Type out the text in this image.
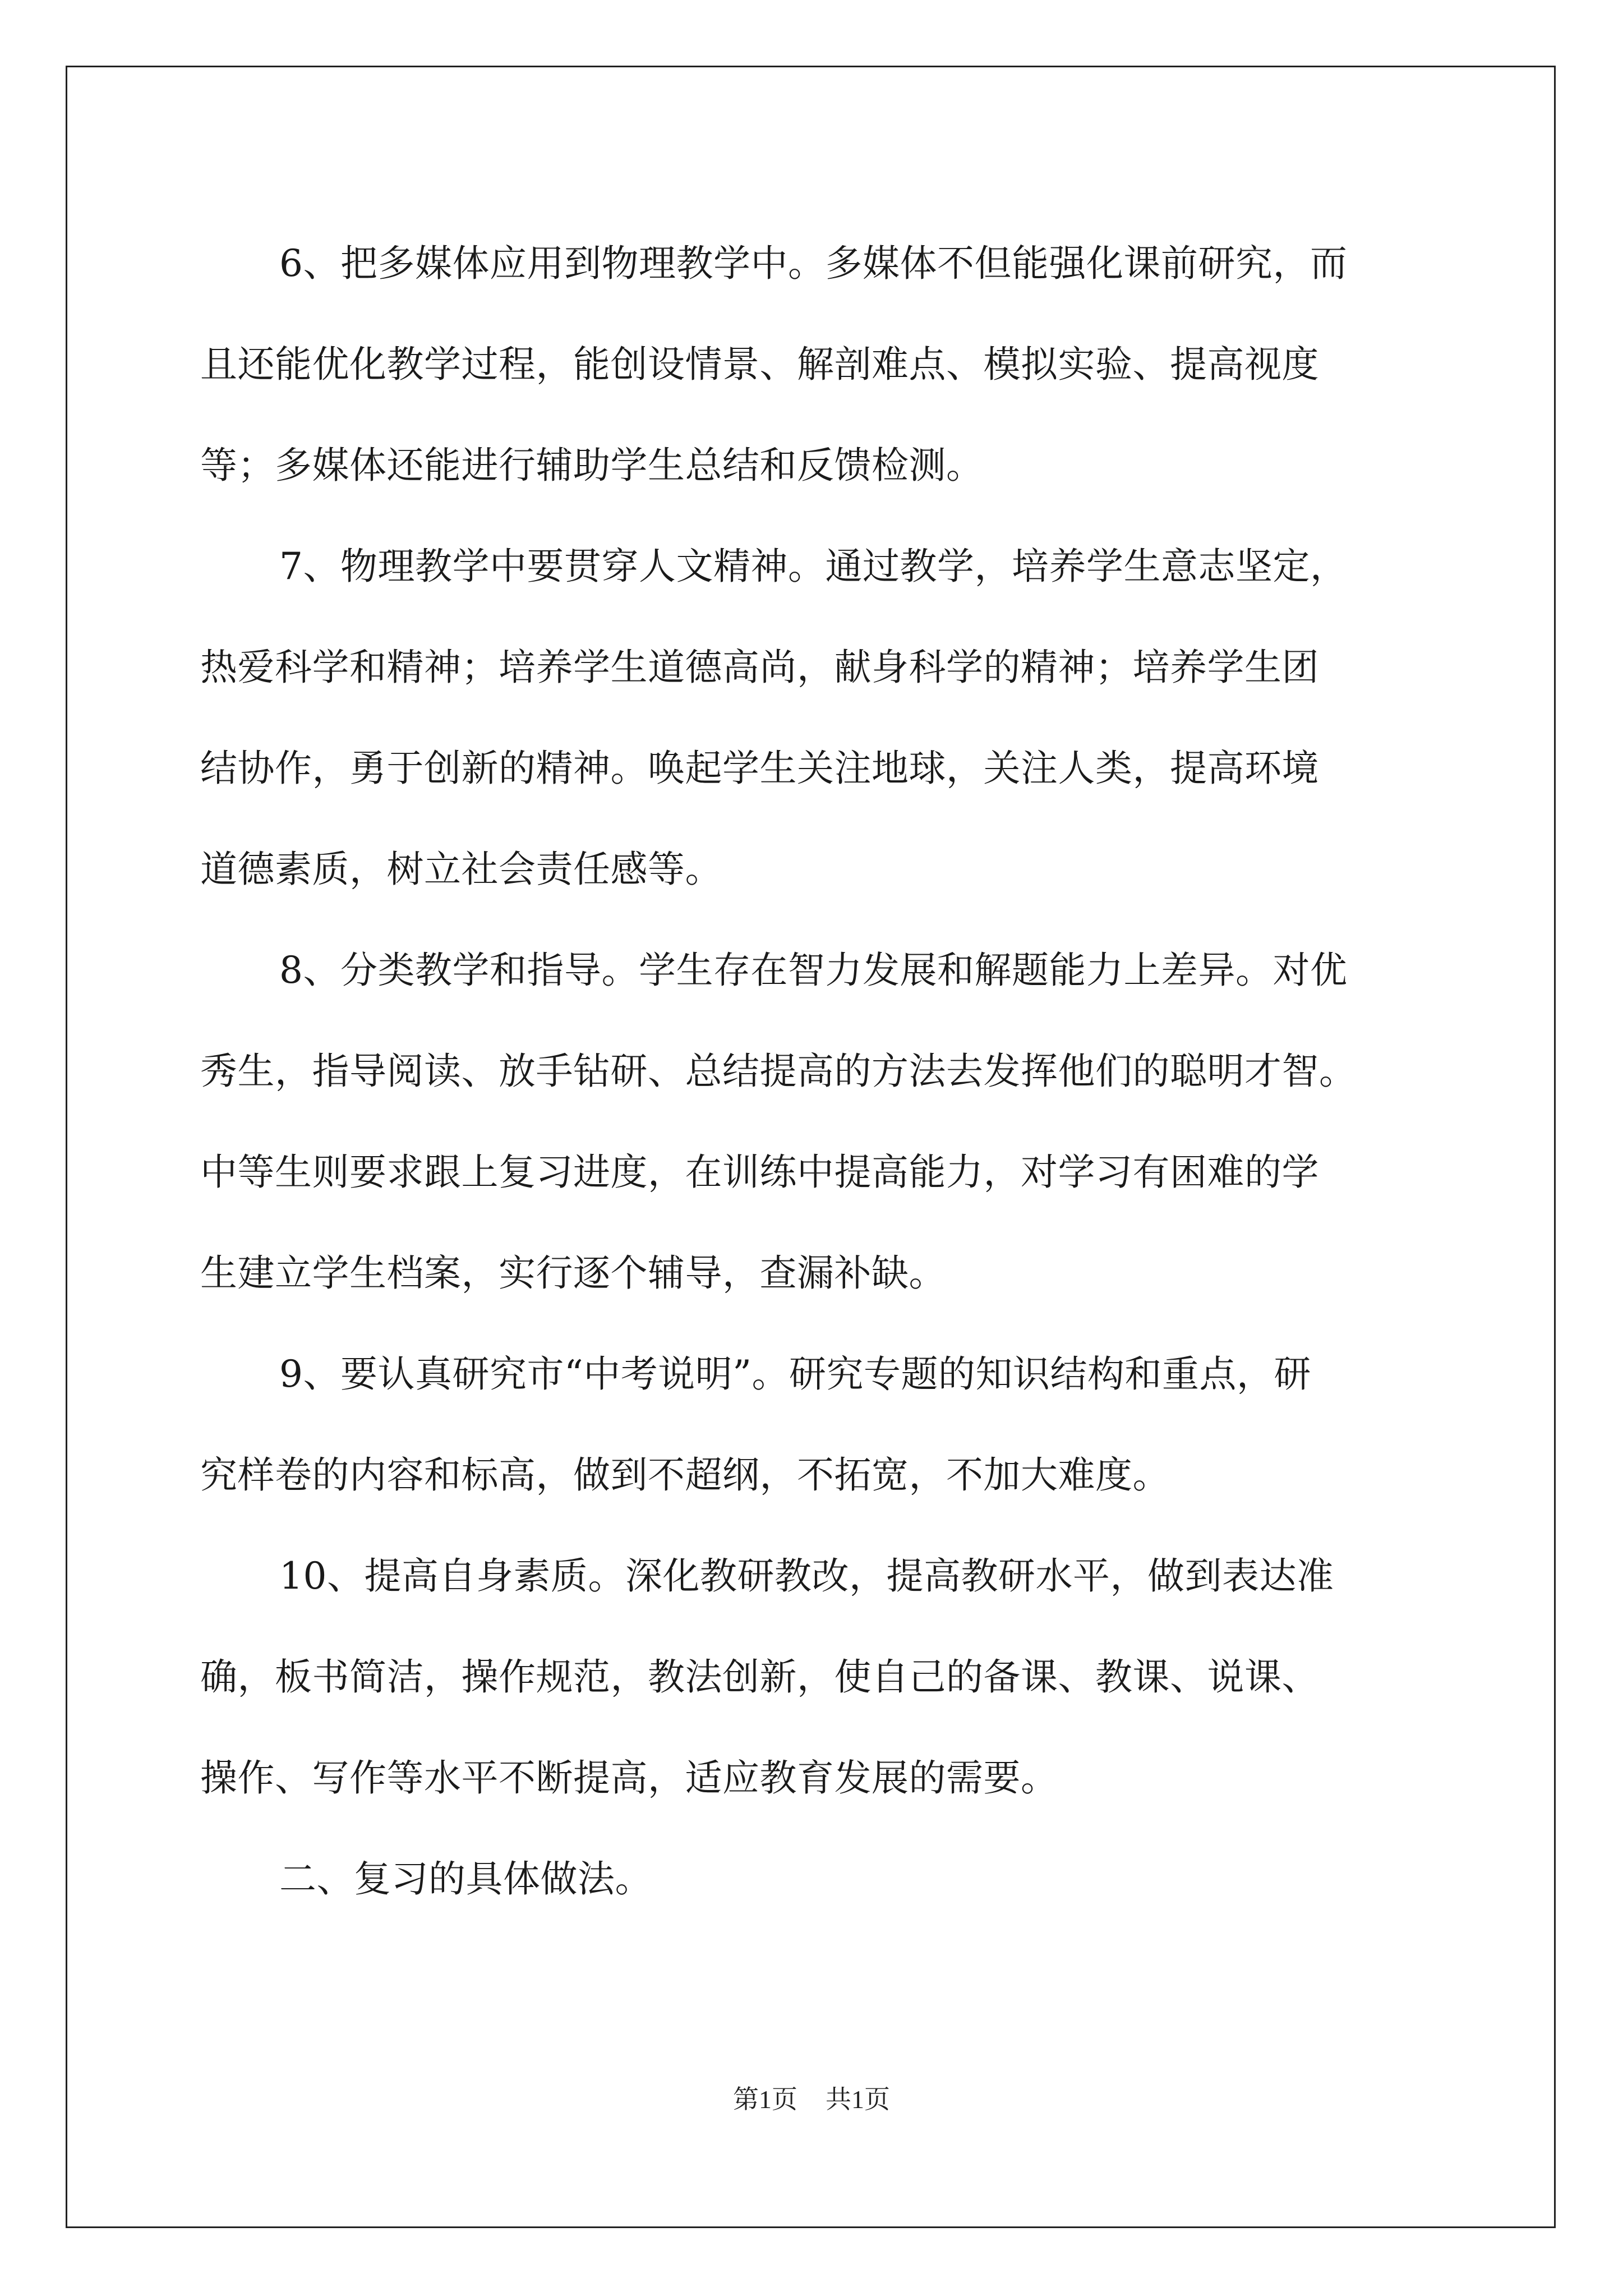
6、把多媒体应用到物理教学中。多媒体不但能强化课前研究，而
且还能优化教学过程，能创设情景、解剖难点、模拟实验、提高视度
等；多媒体还能进行辅助学生总结和反馈检测。
7、物理教学中要贯穿人文精神。通过教学，培养学生意志坚定，
热爱科学和精神；培养学生道德高尚，献身科学的精神；培养学生团
结协作，勇于创新的精神。唤起学生关注地球，关注人类，提高环境
道德素质，树立社会责任感等。
8、分类教学和指导。学生存在智力发展和解题能力上差异。对优
秀生，指导阅读、放手钻研、总结提高的方法去发挥他们的聪明才智。
中等生则要求跟上复习进度，在训练中提高能力，对学习有困难的学
生建立学生档案，实行逐个辅导，查漏补缺。
9、要认真研究市“中考说明”。研究专题的知识结构和重点，研
究样卷的内容和标高，做到不超纲，不拓宽，不加大难度。
10、提高自身素质。深化教研教改，提高教研水平，做到表达准
确，板书简洁，操作规范，教法创新，使自己的备课、教课、说课、
操作、写作等水平不断提高，适应教育发展的需要。
二、复习的具体做法。
第1页 共1页
